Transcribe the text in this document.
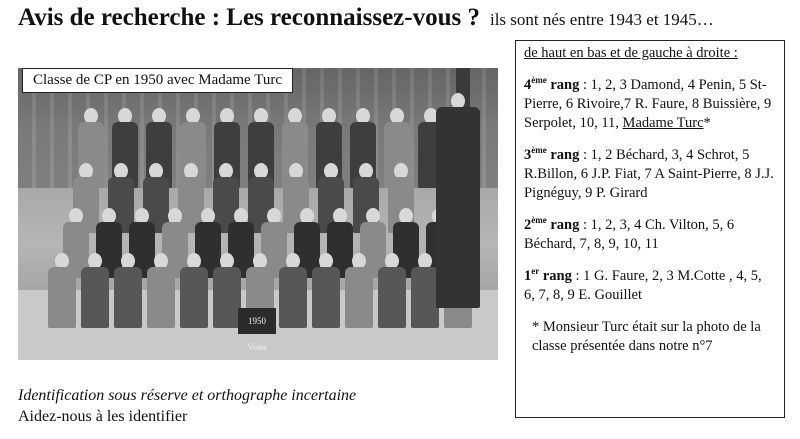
Avis de recherche : Les reconnaissez-vous ? ils sont nés entre 1943 et 1945…
1950 Voies
Classe de CP en 1950 avec Madame Turc
Identification sous réserve et orthographe incertaine
Aidez-nous à les identifier
de haut en bas et de gauche à droite :
4ème rang : 1, 2, 3 Damond, 4 Penin, 5 St-Pierre, 6 Rivoire,7 R. Faure, 8 Buissière, 9 Serpolet, 10, 11, Madame Turc*
3ème rang : 1, 2 Béchard, 3, 4 Schrot, 5 R.Billon, 6 J.P. Fiat, 7 A Saint-Pierre, 8 J.J. Pignéguy, 9 P. Girard
2ème rang : 1, 2, 3, 4 Ch. Vilton, 5, 6 Béchard, 7, 8, 9, 10, 11
1er rang : 1 G. Faure, 2, 3 M.Cotte , 4, 5, 6, 7, 8, 9 E. Gouillet
* Monsieur Turc était sur la photo de la classe présentée dans notre n°7
